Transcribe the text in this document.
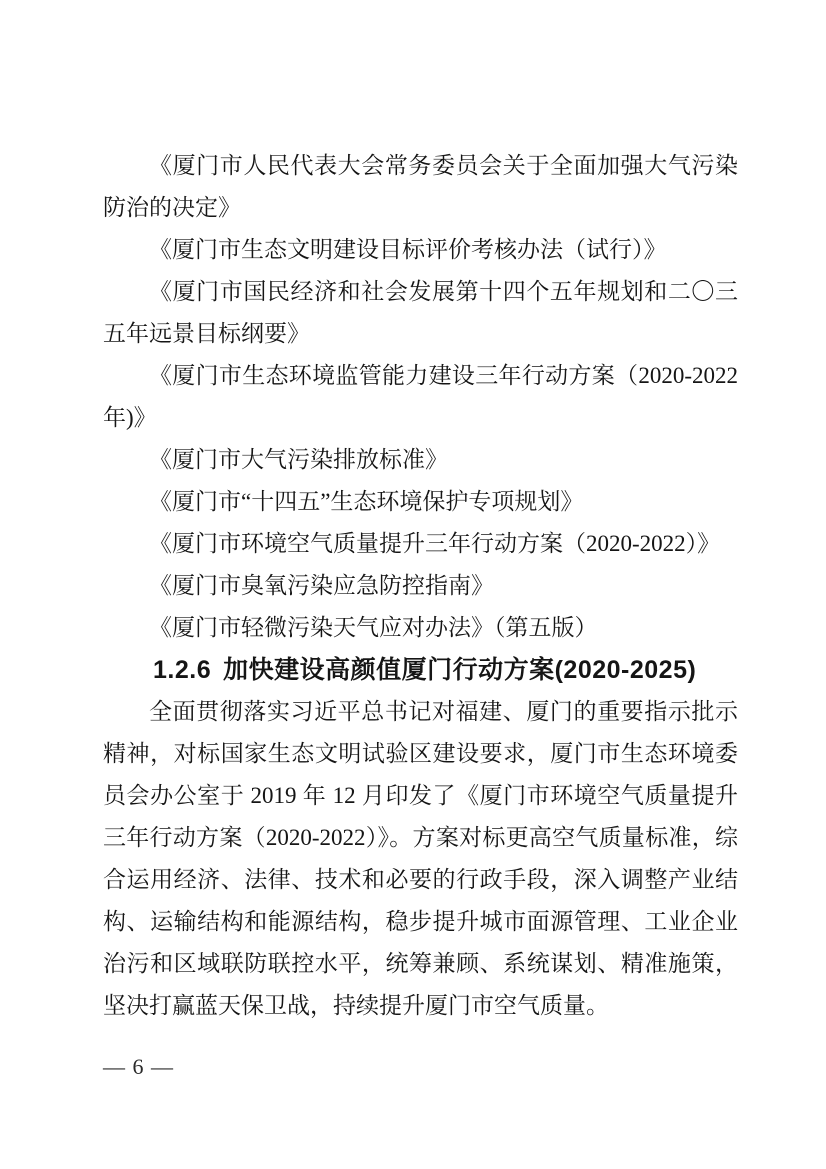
《厦门市人民代表大会常务委员会关于全面加强大气污染防治的决定》

《厦门市生态文明建设目标评价考核办法（试行）》

《厦门市国民经济和社会发展第十四个五年规划和二〇三五年远景目标纲要》

《厦门市生态环境监管能力建设三年行动方案（2020-2022年)》

《厦门市大气污染排放标准》

《厦门市“十四五”生态环境保护专项规划》

《厦门市环境空气质量提升三年行动方案（2020-2022）》

《厦门市臭氧污染应急防控指南》

《厦门市轻微污染天气应对办法》（第五版）

1.2.6 加快建设高颜值厦门行动方案(2020-2025)

全面贯彻落实习近平总书记对福建、厦门的重要指示批示精神，对标国家生态文明试验区建设要求，厦门市生态环境委员会办公室于 2019 年 12 月印发了《厦门市环境空气质量提升三年行动方案（2020-2022）》。方案对标更高空气质量标准，综合运用经济、法律、技术和必要的行政手段，深入调整产业结构、运输结构和能源结构，稳步提升城市面源管理、工业企业治污和区域联防联控水平，统筹兼顾、系统谋划、精准施策，坚决打赢蓝天保卫战，持续提升厦门市空气质量。

— 6 —
